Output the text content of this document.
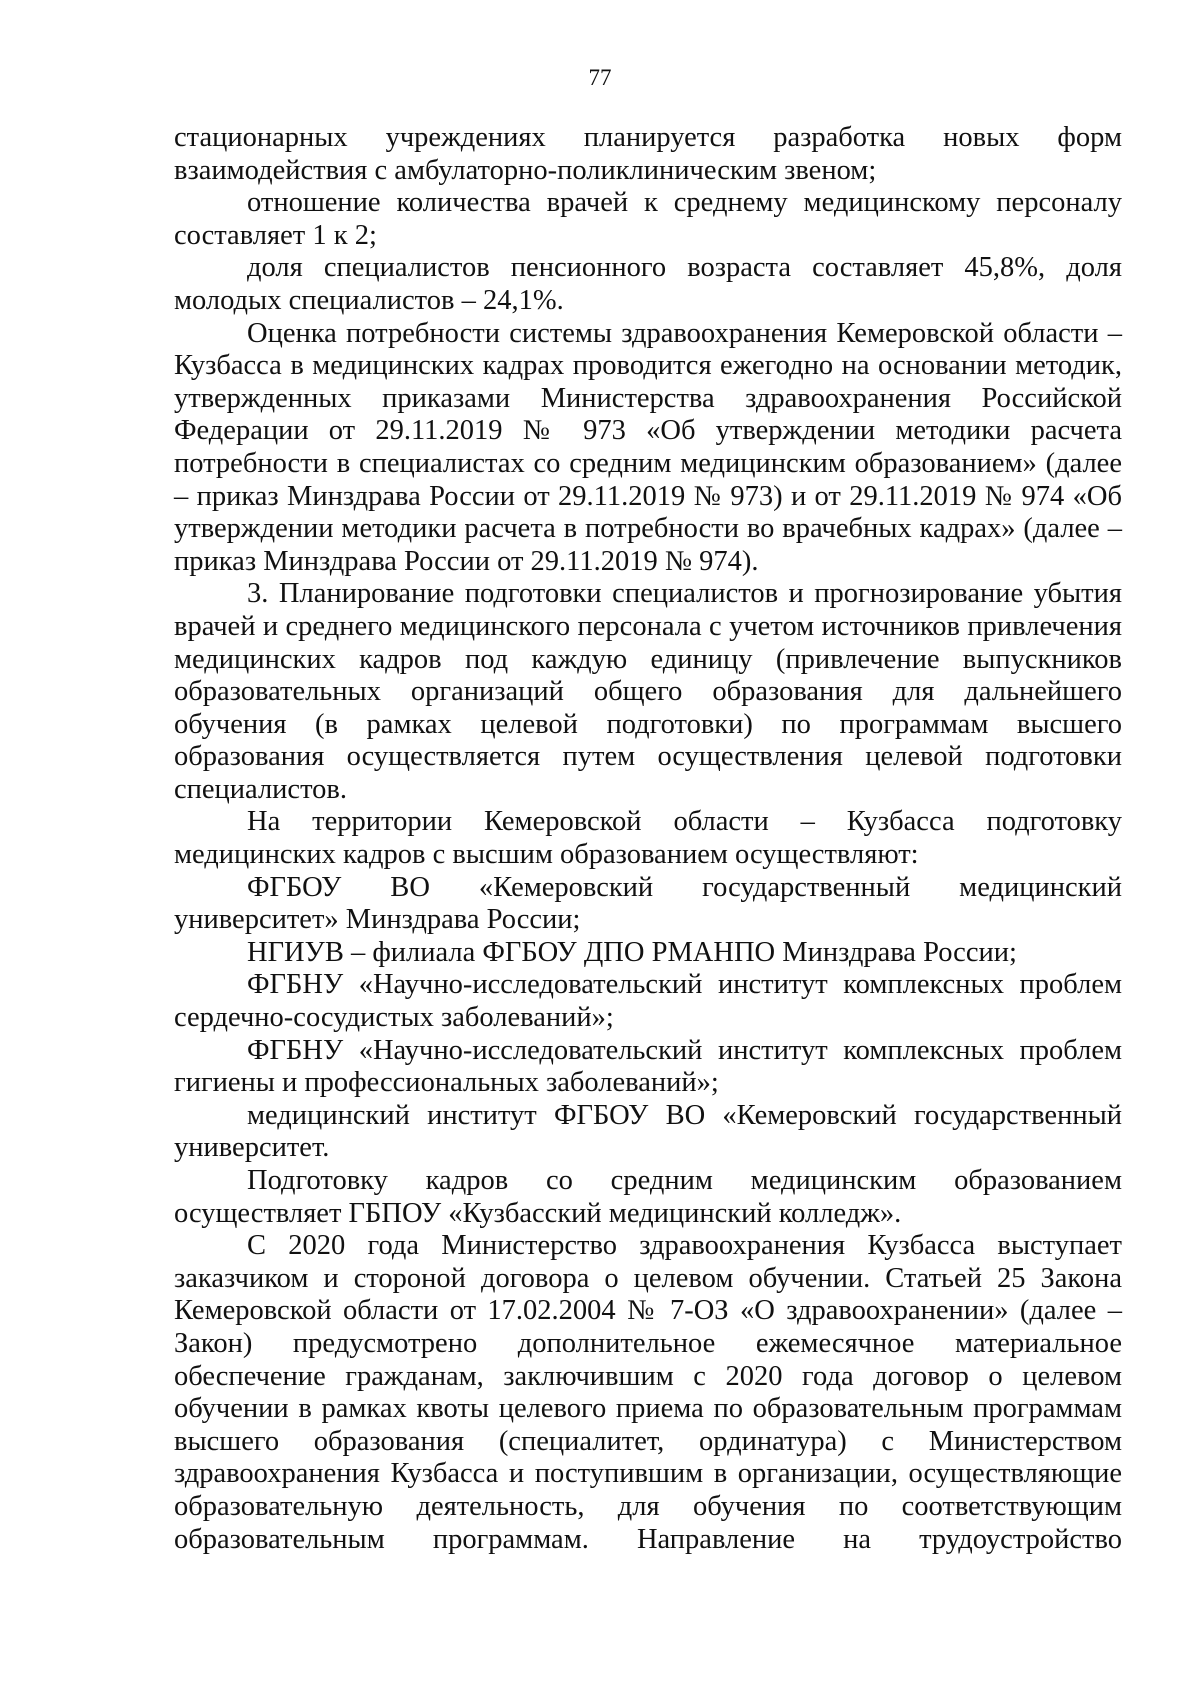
77

стационарных учреждениях планируется разработка новых форм взаимодействия с амбулаторно-поликлиническим звеном;

отношение количества врачей к среднему медицинскому персоналу составляет 1 к 2;

доля специалистов пенсионного возраста составляет 45,8%, доля молодых специалистов – 24,1%.

Оценка потребности системы здравоохранения Кемеровской области – Кузбасса в медицинских кадрах проводится ежегодно на основании методик, утвержденных приказами Министерства здравоохранения Российской Федерации от 29.11.2019 № 973 «Об утверждении методики расчета потребности в специалистах со средним медицинским образованием» (далее – приказ Минздрава России от 29.11.2019 № 973) и от 29.11.2019 № 974 «Об утверждении методики расчета в потребности во врачебных кадрах» (далее – приказ Минздрава России от 29.11.2019 № 974).

3. Планирование подготовки специалистов и прогнозирование убытия врачей и среднего медицинского персонала с учетом источников привлечения медицинских кадров под каждую единицу (привлечение выпускников образовательных организаций общего образования для дальнейшего обучения (в рамках целевой подготовки) по программам высшего образования осуществляется путем осуществления целевой подготовки специалистов.

На территории Кемеровской области – Кузбасса подготовку медицинских кадров с высшим образованием осуществляют:

ФГБОУ ВО «Кемеровский государственный медицинский университет» Минздрава России;

НГИУВ – филиала ФГБОУ ДПО РМАНПО Минздрава России;

ФГБНУ «Научно-исследовательский институт комплексных проблем сердечно-сосудистых заболеваний»;

ФГБНУ «Научно-исследовательский институт комплексных проблем гигиены и профессиональных заболеваний»;

медицинский институт ФГБОУ ВО «Кемеровский государственный университет.

Подготовку кадров со средним медицинским образованием осуществляет ГБПОУ «Кузбасский медицинский колледж».

С 2020 года Министерство здравоохранения Кузбасса выступает заказчиком и стороной договора о целевом обучении. Статьей 25 Закона Кемеровской области от 17.02.2004 № 7-ОЗ «О здравоохранении» (далее – Закон) предусмотрено дополнительное ежемесячное материальное обеспечение гражданам, заключившим с 2020 года договор о целевом обучении в рамках квоты целевого приема по образовательным программам высшего образования (специалитет, ординатура) с Министерством здравоохранения Кузбасса и поступившим в организации, осуществляющие образовательную деятельность, для обучения по соответствующим образовательным программам. Направление на трудоустройство
